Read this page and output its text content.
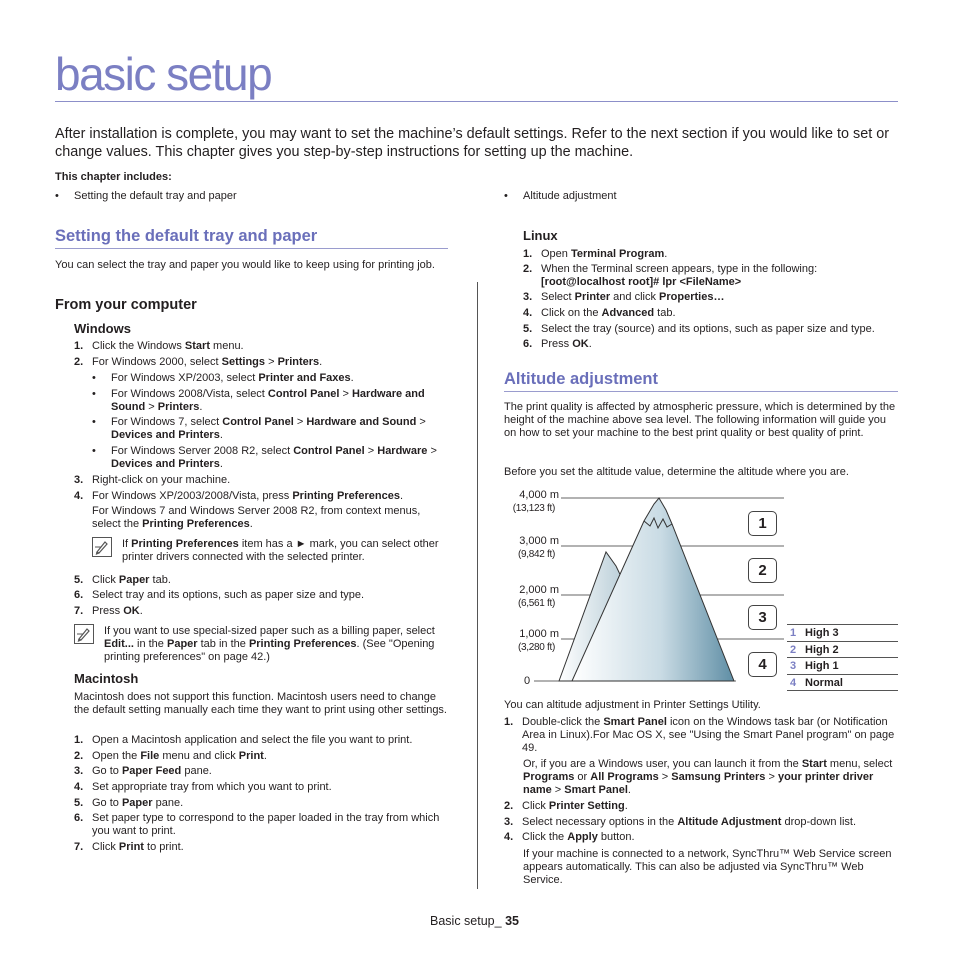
basic setup
After installation is complete, you may want to set the machine’s default settings. Refer to the next section if you would like to set or change values. This chapter gives you step-by-step instructions for setting up the machine.
This chapter includes:
• Setting the default tray and paper	• Altitude adjustment
Setting the default tray and paper
You can select the tray and paper you would like to keep using for printing job.
From your computer
Windows
1. Click the Windows Start menu.
2. For Windows 2000, select Settings > Printers.
3. Right-click on your machine.
4. For Windows XP/2003/2008/Vista, press Printing Preferences.
5. Click Paper tab.
6. Select tray and its options, such as paper size and type.
7. Press OK.
• For Windows XP/2003, select Printer and Faxes.
• For Windows 2008/Vista, select Control Panel > Hardware and Sound > Printers.
• For Windows 7, select Control Panel > Hardware and Sound > Devices and Printers.
• For Windows Server 2008 R2, select Control Panel > Hardware > Devices and Printers.
For Windows 7 and Windows Server 2008 R2, from context menus, select the Printing Preferences.
If Printing Preferences item has a ► mark, you can select other printer drivers connected with the selected printer.
If you want to use special-sized paper such as a billing paper, select Edit... in the Paper tab in the Printing Preferences. (See "Opening printing preferences" on page 42.)
Macintosh
Macintosh does not support this function. Macintosh users need to change the default setting manually each time they want to print using other settings.
1. Open a Macintosh application and select the file you want to print.
2. Open the File menu and click Print.
3. Go to Paper Feed pane.
4. Set appropriate tray from which you want to print.
5. Go to Paper pane.
6. Set paper type to correspond to the paper loaded in the tray from which you want to print.
7. Click Print to print.
Linux
1. Open Terminal Program.
2. When the Terminal screen appears, type in the following:
[root@localhost root]# lpr <FileName>
3. Select Printer and click Properties…
4. Click on the Advanced tab.
5. Select the tray (source) and its options, such as paper size and type.
6. Press OK.
Altitude adjustment
The print quality is affected by atmospheric pressure, which is determined by the height of the machine above sea level. The following information will guide you on how to set your machine to the best print quality or best quality of print.
Before you set the altitude value, determine the altitude where you are.
4,000 m
(13,123 ft)
3,000 m
(9,842 ft)
2,000 m
(6,561 ft)
1,000 m
(3,280 ft)
0
1
2
3
4
1 High 3
2 High 2
3 High 1
4 Normal
You can altitude adjustment in Printer Settings Utility.
1. Double-click the Smart Panel icon on the Windows task bar (or Notification Area in Linux).For Mac OS X, see "Using the Smart Panel program" on page 49.
2. Click Printer Setting.
3. Select necessary options in the Altitude Adjustment drop-down list.
4. Click the Apply button.
Or, if you are a Windows user, you can launch it from the Start menu, select Programs or All Programs > Samsung Printers > your printer driver name > Smart Panel.
If your machine is connected to a network, SyncThru™ Web Service screen appears automatically. This can also be adjusted via SyncThru™ Web Service.
Basic setup_ 35
